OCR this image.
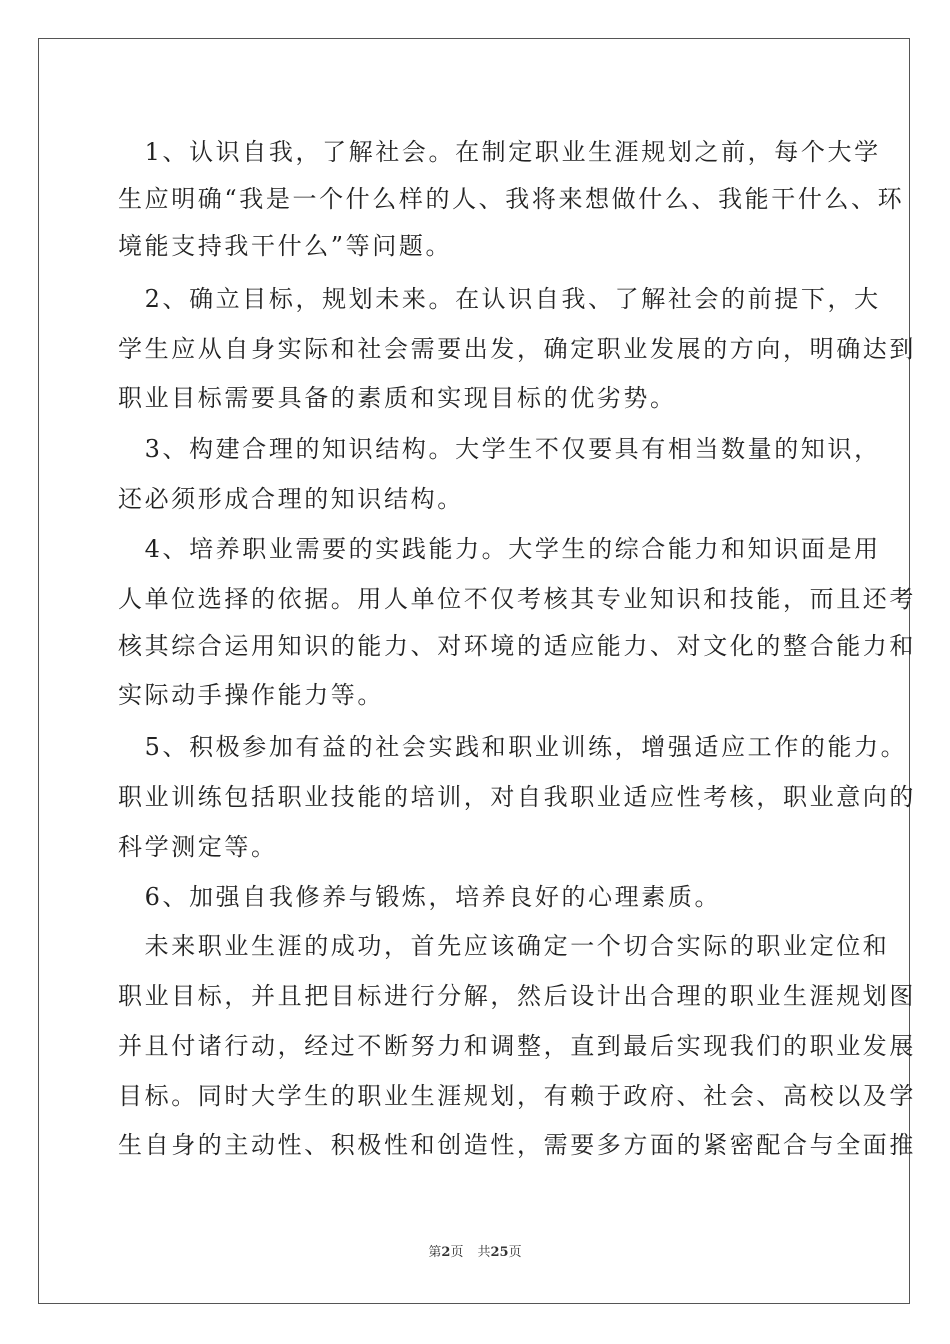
　1、认识自我，了解社会。在制定职业生涯规划之前，每个大学
生应明确“我是一个什么样的人、我将来想做什么、我能干什么、环
境能支持我干什么”等问题。
　2、确立目标，规划未来。在认识自我、了解社会的前提下，大
学生应从自身实际和社会需要出发，确定职业发展的方向，明确达到
职业目标需要具备的素质和实现目标的优劣势。
　3、构建合理的知识结构。大学生不仅要具有相当数量的知识，
还必须形成合理的知识结构。
　4、培养职业需要的实践能力。大学生的综合能力和知识面是用
人单位选择的依据。用人单位不仅考核其专业知识和技能，而且还考
核其综合运用知识的能力、对环境的适应能力、对文化的整合能力和
实际动手操作能力等。
　5、积极参加有益的社会实践和职业训练，增强适应工作的能力。
职业训练包括职业技能的培训，对自我职业适应性考核，职业意向的
科学测定等。
　6、加强自我修养与锻炼，培养良好的心理素质。
　未来职业生涯的成功，首先应该确定一个切合实际的职业定位和
职业目标，并且把目标进行分解，然后设计出合理的职业生涯规划图
并且付诸行动，经过不断努力和调整，直到最后实现我们的职业发展
目标。同时大学生的职业生涯规划，有赖于政府、社会、高校以及学
生自身的主动性、积极性和创造性，需要多方面的紧密配合与全面推
第2页 共25页
